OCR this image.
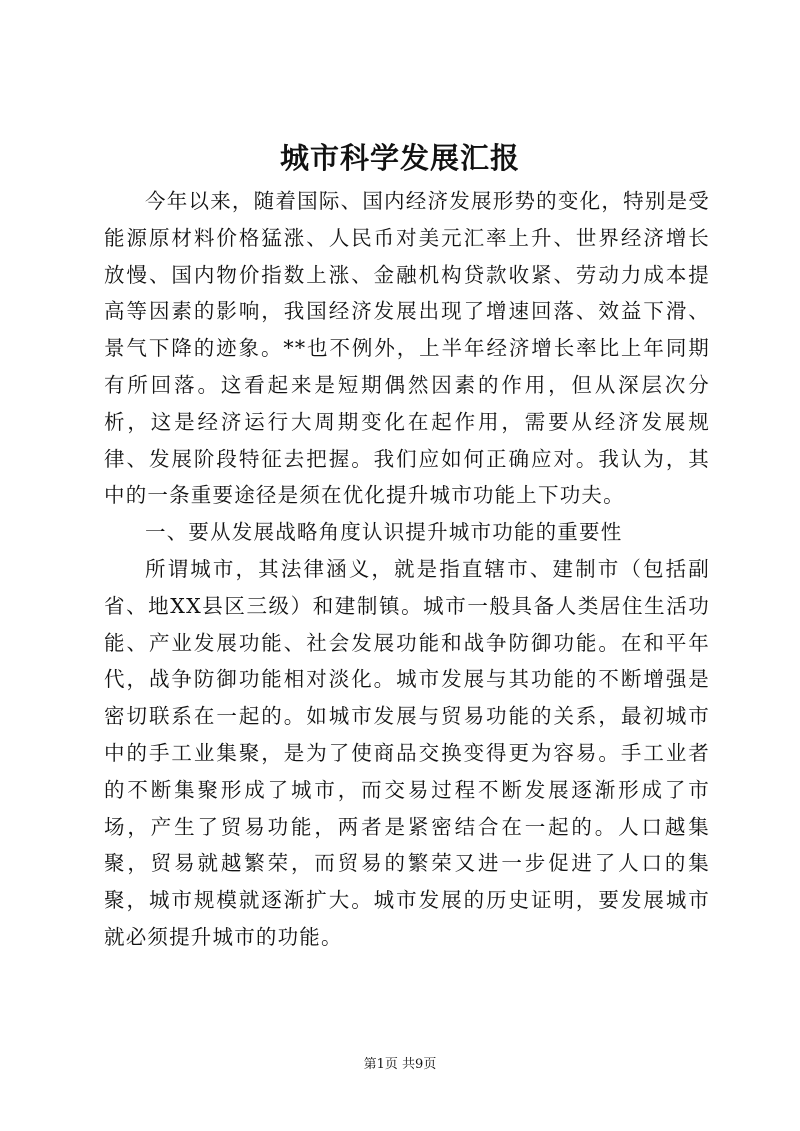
城市科学发展汇报

今年以来，随着国际、国内经济发展形势的变化，特别是受能源原材料价格猛涨、人民币对美元汇率上升、世界经济增长放慢、国内物价指数上涨、金融机构贷款收紧、劳动力成本提高等因素的影响，我国经济发展出现了增速回落、效益下滑、景气下降的迹象。**也不例外，上半年经济增长率比上年同期有所回落。这看起来是短期偶然因素的作用，但从深层次分析，这是经济运行大周期变化在起作用，需要从经济发展规律、发展阶段特征去把握。我们应如何正确应对。我认为，其中的一条重要途径是须在优化提升城市功能上下功夫。

一、要从发展战略角度认识提升城市功能的重要性

所谓城市，其法律涵义，就是指直辖市、建制市（包括副省、地XX县区三级）和建制镇。城市一般具备人类居住生活功能、产业发展功能、社会发展功能和战争防御功能。在和平年代，战争防御功能相对淡化。城市发展与其功能的不断增强是密切联系在一起的。如城市发展与贸易功能的关系，最初城市中的手工业集聚，是为了使商品交换变得更为容易。手工业者的不断集聚形成了城市，而交易过程不断发展逐渐形成了市场，产生了贸易功能，两者是紧密结合在一起的。人口越集聚，贸易就越繁荣，而贸易的繁荣又进一步促进了人口的集聚，城市规模就逐渐扩大。城市发展的历史证明，要发展城市就必须提升城市的功能。

第1页 共9页
